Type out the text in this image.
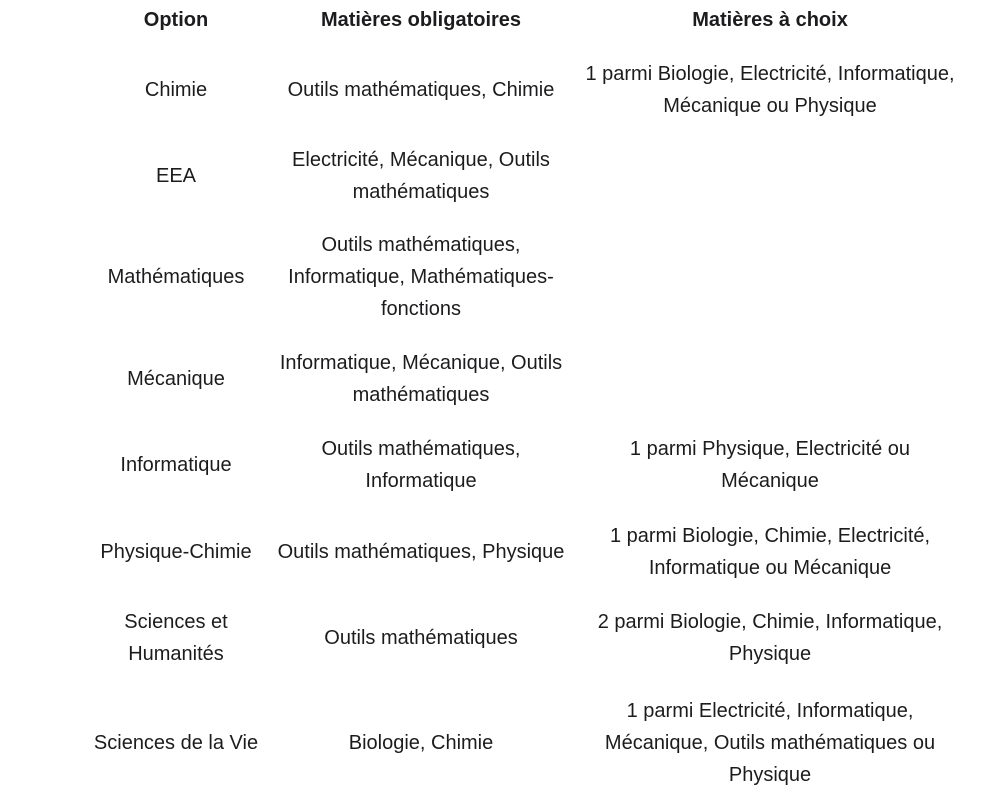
Option	Matières obligatoires	Matières à choix
Chimie	Outils mathématiques, Chimie	1 parmi Biologie, Electricité, Informatique, Mécanique ou Physique
EEA	Electricité, Mécanique, Outils mathématiques	
Mathématiques	Outils mathématiques, Informatique, Mathématiques-fonctions	
Mécanique	Informatique, Mécanique, Outils mathématiques	
Informatique	Outils mathématiques, Informatique	1 parmi Physique, Electricité ou Mécanique
Physique-Chimie	Outils mathématiques, Physique	1 parmi Biologie, Chimie, Electricité, Informatique ou Mécanique
Sciences et Humanités	Outils mathématiques	2 parmi Biologie, Chimie, Informatique, Physique
Sciences de la Vie	Biologie, Chimie	1 parmi Electricité, Informatique, Mécanique, Outils mathématiques ou Physique
